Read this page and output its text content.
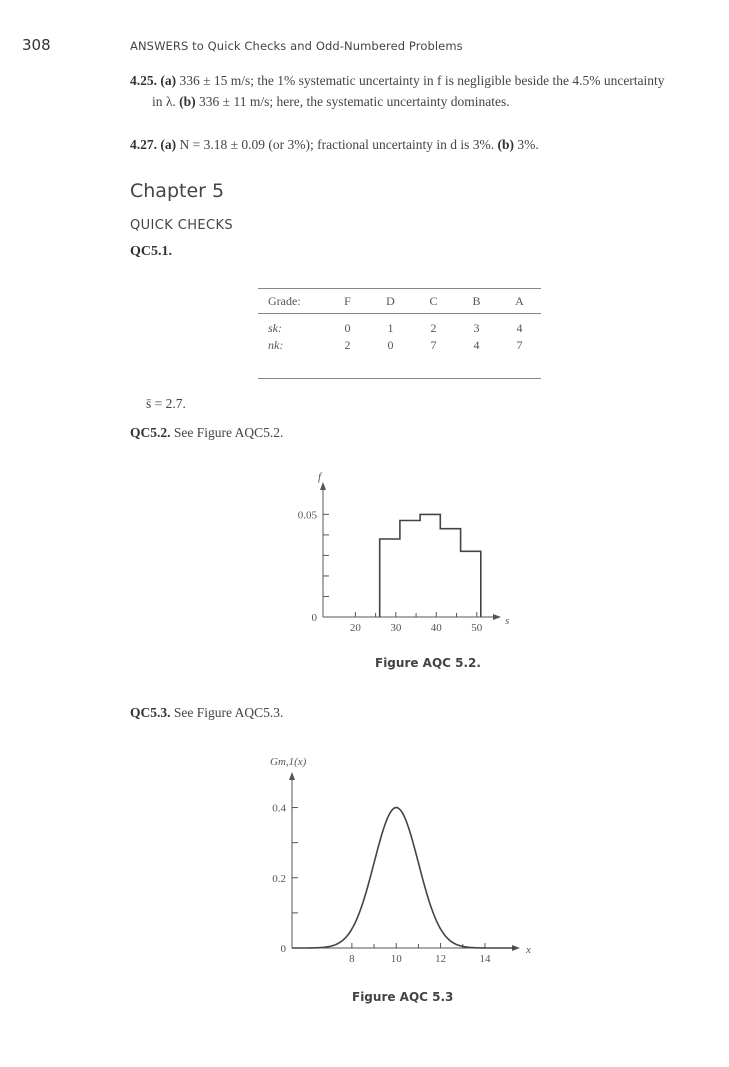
308	ANSWERS to Quick Checks and Odd-Numbered Problems
4.25. (a) 336 ± 15 m/s; the 1% systematic uncertainty in f is negligible beside the 4.5% uncertainty in λ. (b) 336 ± 11 m/s; here, the systematic uncertainty dominates.
4.27. (a) N = 3.18 ± 0.09 (or 3%); fractional uncertainty in d is 3%. (b) 3%.
Chapter 5
QUICK CHECKS
QC5.1.
Grade:	F	D	C	B	A
sk:	0	1	2	3	4
nk:	2	0	7	4	7
s̄ = 2.7.
QC5.2. See Figure AQC5.2.
f
s
20	30	40	50
0
0.05
Figure AQC 5.2.
QC5.3. See Figure AQC5.3.
Gm,1(x)
x
8	10	12	14
0
0.2
0.4
Figure AQC 5.3
